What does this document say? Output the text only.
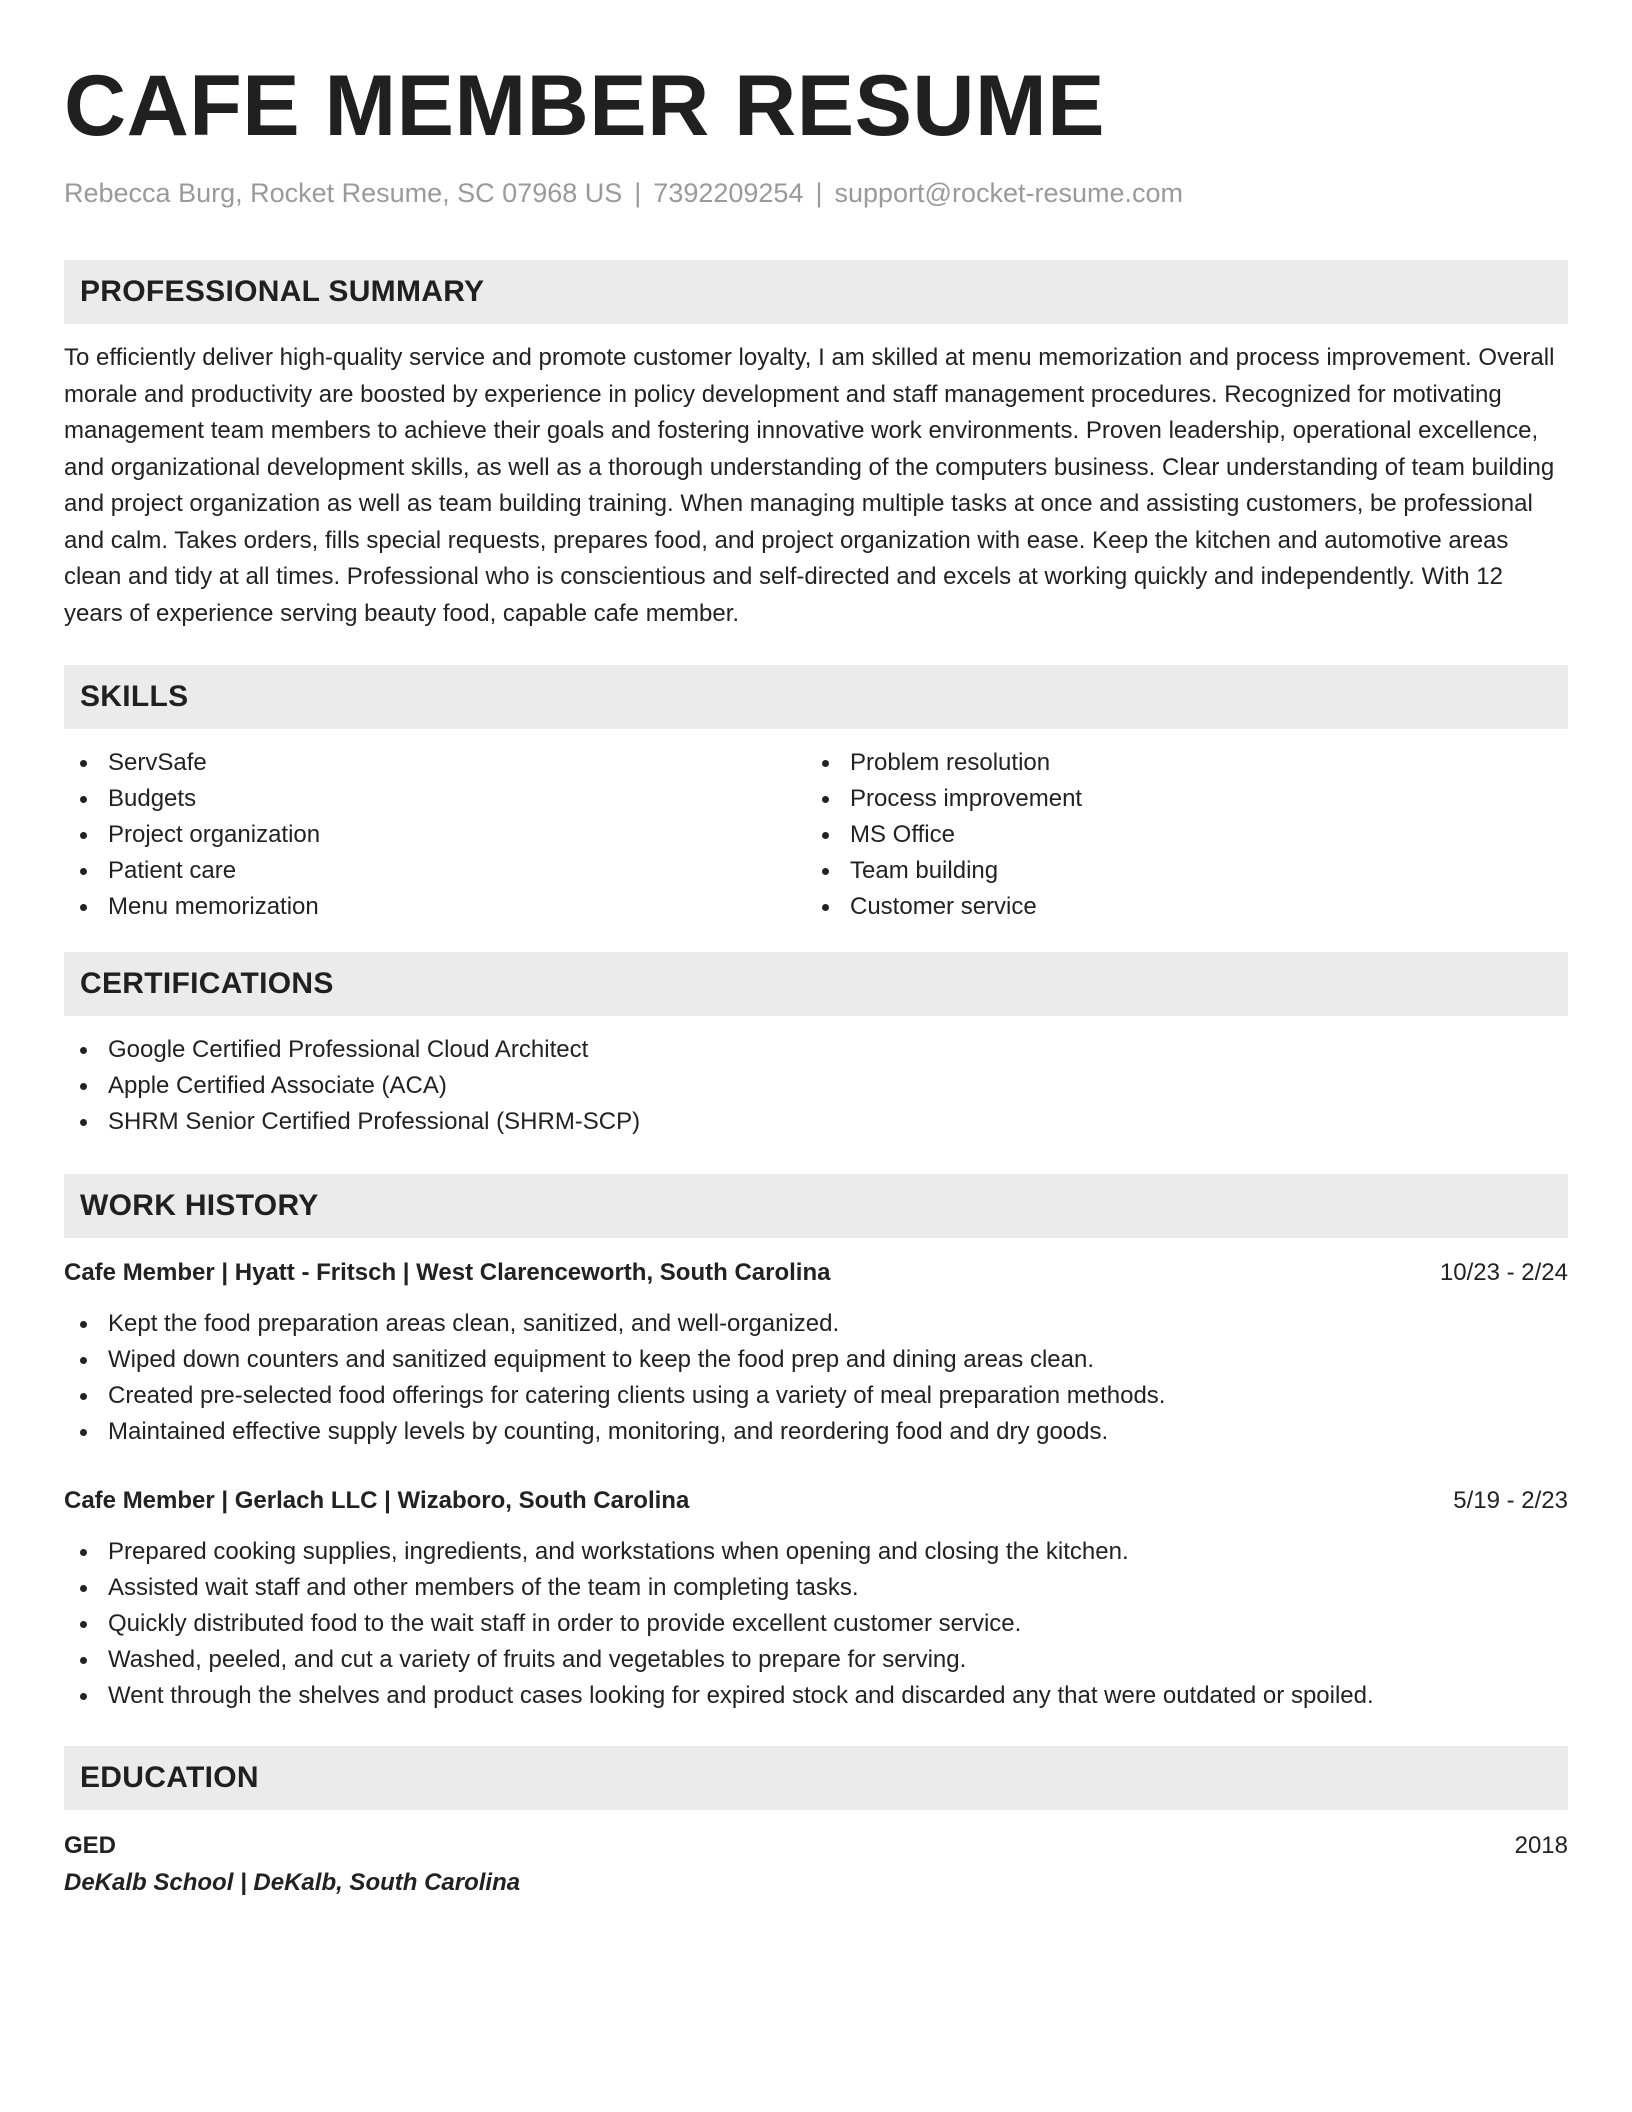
CAFE MEMBER RESUME
Rebecca Burg, Rocket Resume, SC 07968 US | 7392209254 | support@rocket-resume.com
PROFESSIONAL SUMMARY

To efficiently deliver high-quality service and promote customer loyalty, I am skilled at menu memorization and process improvement. Overall morale and productivity are boosted by experience in policy development and staff management procedures. Recognized for motivating management team members to achieve their goals and fostering innovative work environments. Proven leadership, operational excellence, and organizational development skills, as well as a thorough understanding of the computers business. Clear understanding of team building and project organization as well as team building training. When managing multiple tasks at once and assisting customers, be professional and calm. Takes orders, fills special requests, prepares food, and project organization with ease. Keep the kitchen and automotive areas clean and tidy at all times. Professional who is conscientious and self-directed and excels at working quickly and independently. With 12 years of experience serving beauty food, capable cafe member.

SKILLS
ServSafe
Budgets
Project organization
Patient care
Menu memorization
Problem resolution
Process improvement
MS Office
Team building
Customer service
CERTIFICATIONS
Google Certified Professional Cloud Architect
Apple Certified Associate (ACA)
SHRM Senior Certified Professional (SHRM-SCP)
WORK HISTORY
Cafe Member | Hyatt - Fritsch | West Clarenceworth, South Carolina	10/23 - 2/24
Kept the food preparation areas clean, sanitized, and well-organized.
Wiped down counters and sanitized equipment to keep the food prep and dining areas clean.
Created pre-selected food offerings for catering clients using a variety of meal preparation methods.
Maintained effective supply levels by counting, monitoring, and reordering food and dry goods.
Cafe Member | Gerlach LLC | Wizaboro, South Carolina	5/19 - 2/23
Prepared cooking supplies, ingredients, and workstations when opening and closing the kitchen.
Assisted wait staff and other members of the team in completing tasks.
Quickly distributed food to the wait staff in order to provide excellent customer service.
Washed, peeled, and cut a variety of fruits and vegetables to prepare for serving.
Went through the shelves and product cases looking for expired stock and discarded any that were outdated or spoiled.
EDUCATION
GED	2018
DeKalb School | DeKalb, South Carolina
